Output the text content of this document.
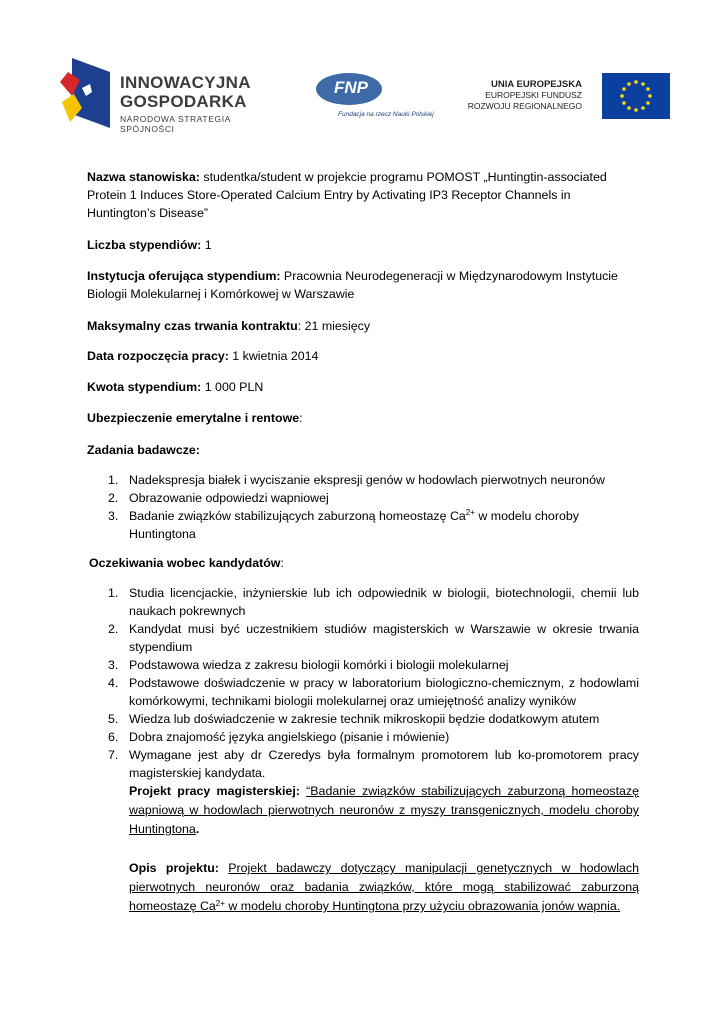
INNOWACYJNA
GOSPODARKA
NARODOWA STRATEGIA SPÓJNOŚCI
FNP
Fundacja na rzecz Nauki Polskiej
UNIA EUROPEJSKA
EUROPEJSKI FUNDUSZ
ROZWOJU REGIONALNEGO

Nazwa stanowiska: studentka/student w projekcie programu POMOST „Huntingtin-associated Protein 1 Induces Store-Operated Calcium Entry by Activating IP3 Receptor Channels in Huntington’s Disease”

Liczba stypendiów: 1

Instytucja oferująca stypendium: Pracownia Neurodegeneracji w Międzynarodowym Instytucie Biologii Molekularnej i Komórkowej w Warszawie

Maksymalny czas trwania kontraktu: 21 miesięcy

Data rozpoczęcia pracy: 1 kwietnia 2014

Kwota stypendium: 1 000 PLN

Ubezpieczenie emerytalne i rentowe:

Zadania badawcze:

1. Nadekspresja białek i wyciszanie ekspresji genów w hodowlach pierwotnych neuronów
2. Obrazowanie odpowiedzi wapniowej
3. Badanie związków stabilizujących zaburzoną homeostazę $Ca^{2+}$ w modelu choroby Huntingtona

Oczekiwania wobec kandydatów:

1. Studia licencjackie, inżynierskie lub ich odpowiednik w biologii, biotechnologii, chemii lub naukach pokrewnych
2. Kandydat musi być uczestnikiem studiów magisterskich w Warszawie w okresie trwania stypendium
3. Podstawowa wiedza z zakresu biologii komórki i biologii molekularnej
4. Podstawowe doświadczenie w pracy w laboratorium biologiczno-chemicznym, z hodowlami komórkowymi, technikami biologii molekularnej oraz umiejętność analizy wyników
5. Wiedza lub doświadczenie w zakresie technik mikroskopii będzie dodatkowym atutem
6. Dobra znajomość języka angielskiego (pisanie i mówienie)
7. Wymagane jest aby dr Czeredys była formalnym promotorem lub ko-promotorem pracy magisterskiej kandydata.
Projekt pracy magisterskiej: “Badanie związków stabilizujących zaburzoną homeostazę wapniową w hodowlach pierwotnych neuronów z myszy transgenicznych, modelu choroby Huntingtona.
Opis projektu: Projekt badawczy dotyczący manipulacji genetycznych w hodowlach pierwotnych neuronów oraz badania związków, które mogą stabilizować zaburzoną homeostazę $Ca^{2+}$ w modelu choroby Huntingtona przy użyciu obrazowania jonów wapnia.
